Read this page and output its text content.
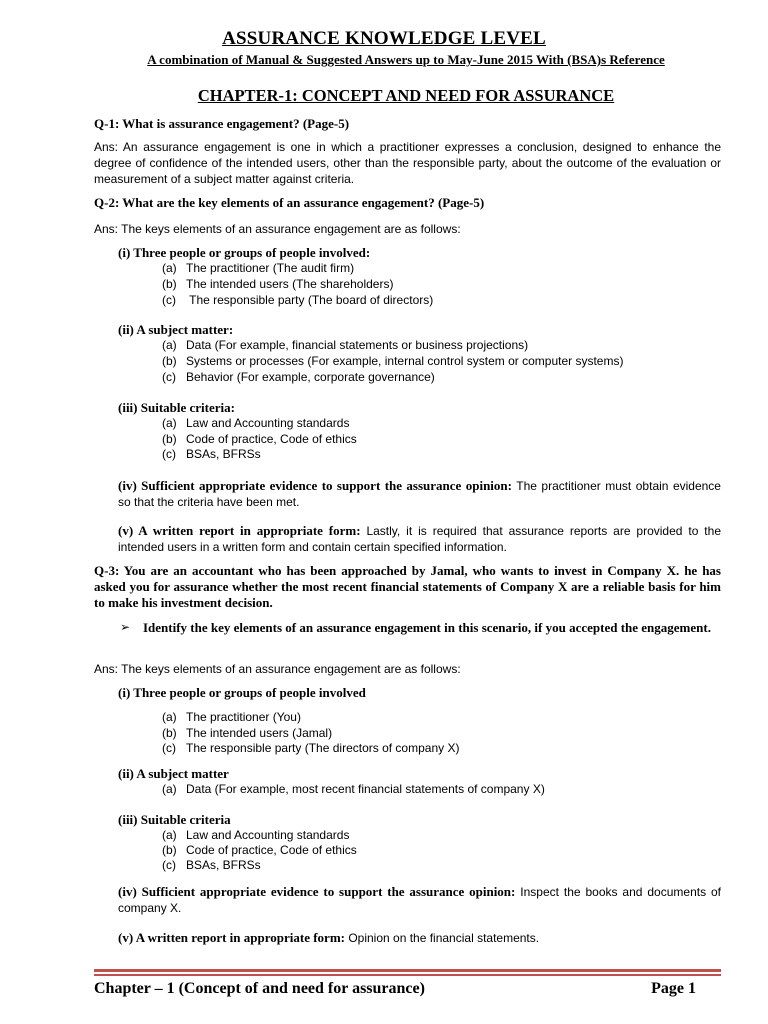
ASSURANCE KNOWLEDGE LEVEL
A combination of Manual & Suggested Answers up to May-June 2015 With (BSA)s Reference
CHAPTER-1: CONCEPT AND NEED FOR ASSURANCE
Q-1: What is assurance engagement? (Page-5)
Ans: An assurance engagement is one in which a practitioner expresses a conclusion, designed to enhance the degree of confidence of the intended users, other than the responsible party, about the outcome of the evaluation or measurement of a subject matter against criteria.
Q-2: What are the key elements of an assurance engagement? (Page-5)
Ans: The keys elements of an assurance engagement are as follows:
(i) Three people or groups of people involved:
(a) The practitioner (The audit firm)
(b) The intended users (The shareholders)
(c) The responsible party (The board of directors)
(ii) A subject matter:
(a) Data (For example, financial statements or business projections)
(b) Systems or processes (For example, internal control system or computer systems)
(c) Behavior (For example, corporate governance)
(iii) Suitable criteria:
(a) Law and Accounting standards
(b) Code of practice, Code of ethics
(c) BSAs, BFRSs
(iv) Sufficient appropriate evidence to support the assurance opinion: The practitioner must obtain evidence so that the criteria have been met.
(v) A written report in appropriate form: Lastly, it is required that assurance reports are provided to the intended users in a written form and contain certain specified information.
Q-3: You are an accountant who has been approached by Jamal, who wants to invest in Company X. he has asked you for assurance whether the most recent financial statements of Company X are a reliable basis for him to make his investment decision.
➢ Identify the key elements of an assurance engagement in this scenario, if you accepted the engagement.
Ans: The keys elements of an assurance engagement are as follows:
(i) Three people or groups of people involved
(a) The practitioner (You)
(b) The intended users (Jamal)
(c) The responsible party (The directors of company X)
(ii) A subject matter
(a) Data (For example, most recent financial statements of company X)
(iii) Suitable criteria
(a) Law and Accounting standards
(b) Code of practice, Code of ethics
(c) BSAs, BFRSs
(iv) Sufficient appropriate evidence to support the assurance opinion: Inspect the books and documents of company X.
(v) A written report in appropriate form: Opinion on the financial statements.
Chapter – 1 (Concept of and need for assurance)	Page 1
